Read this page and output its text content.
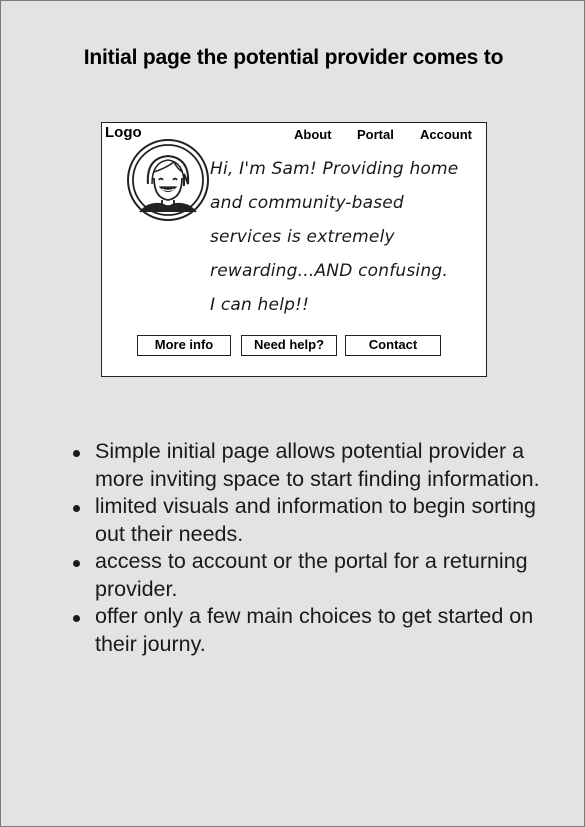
Initial page the potential provider comes to
Logo	About Portal Account
Hi, I'm Sam! Providing home
and community-based
services is extremely
rewarding...AND confusing.
I can help!!
More info	Need help?	Contact
Simple initial page allows potential provider a more inviting space to start finding information.
limited visuals and information to begin sorting out their needs.
access to account or the portal for a returning provider.
offer only a few main choices to get started on their journy.
